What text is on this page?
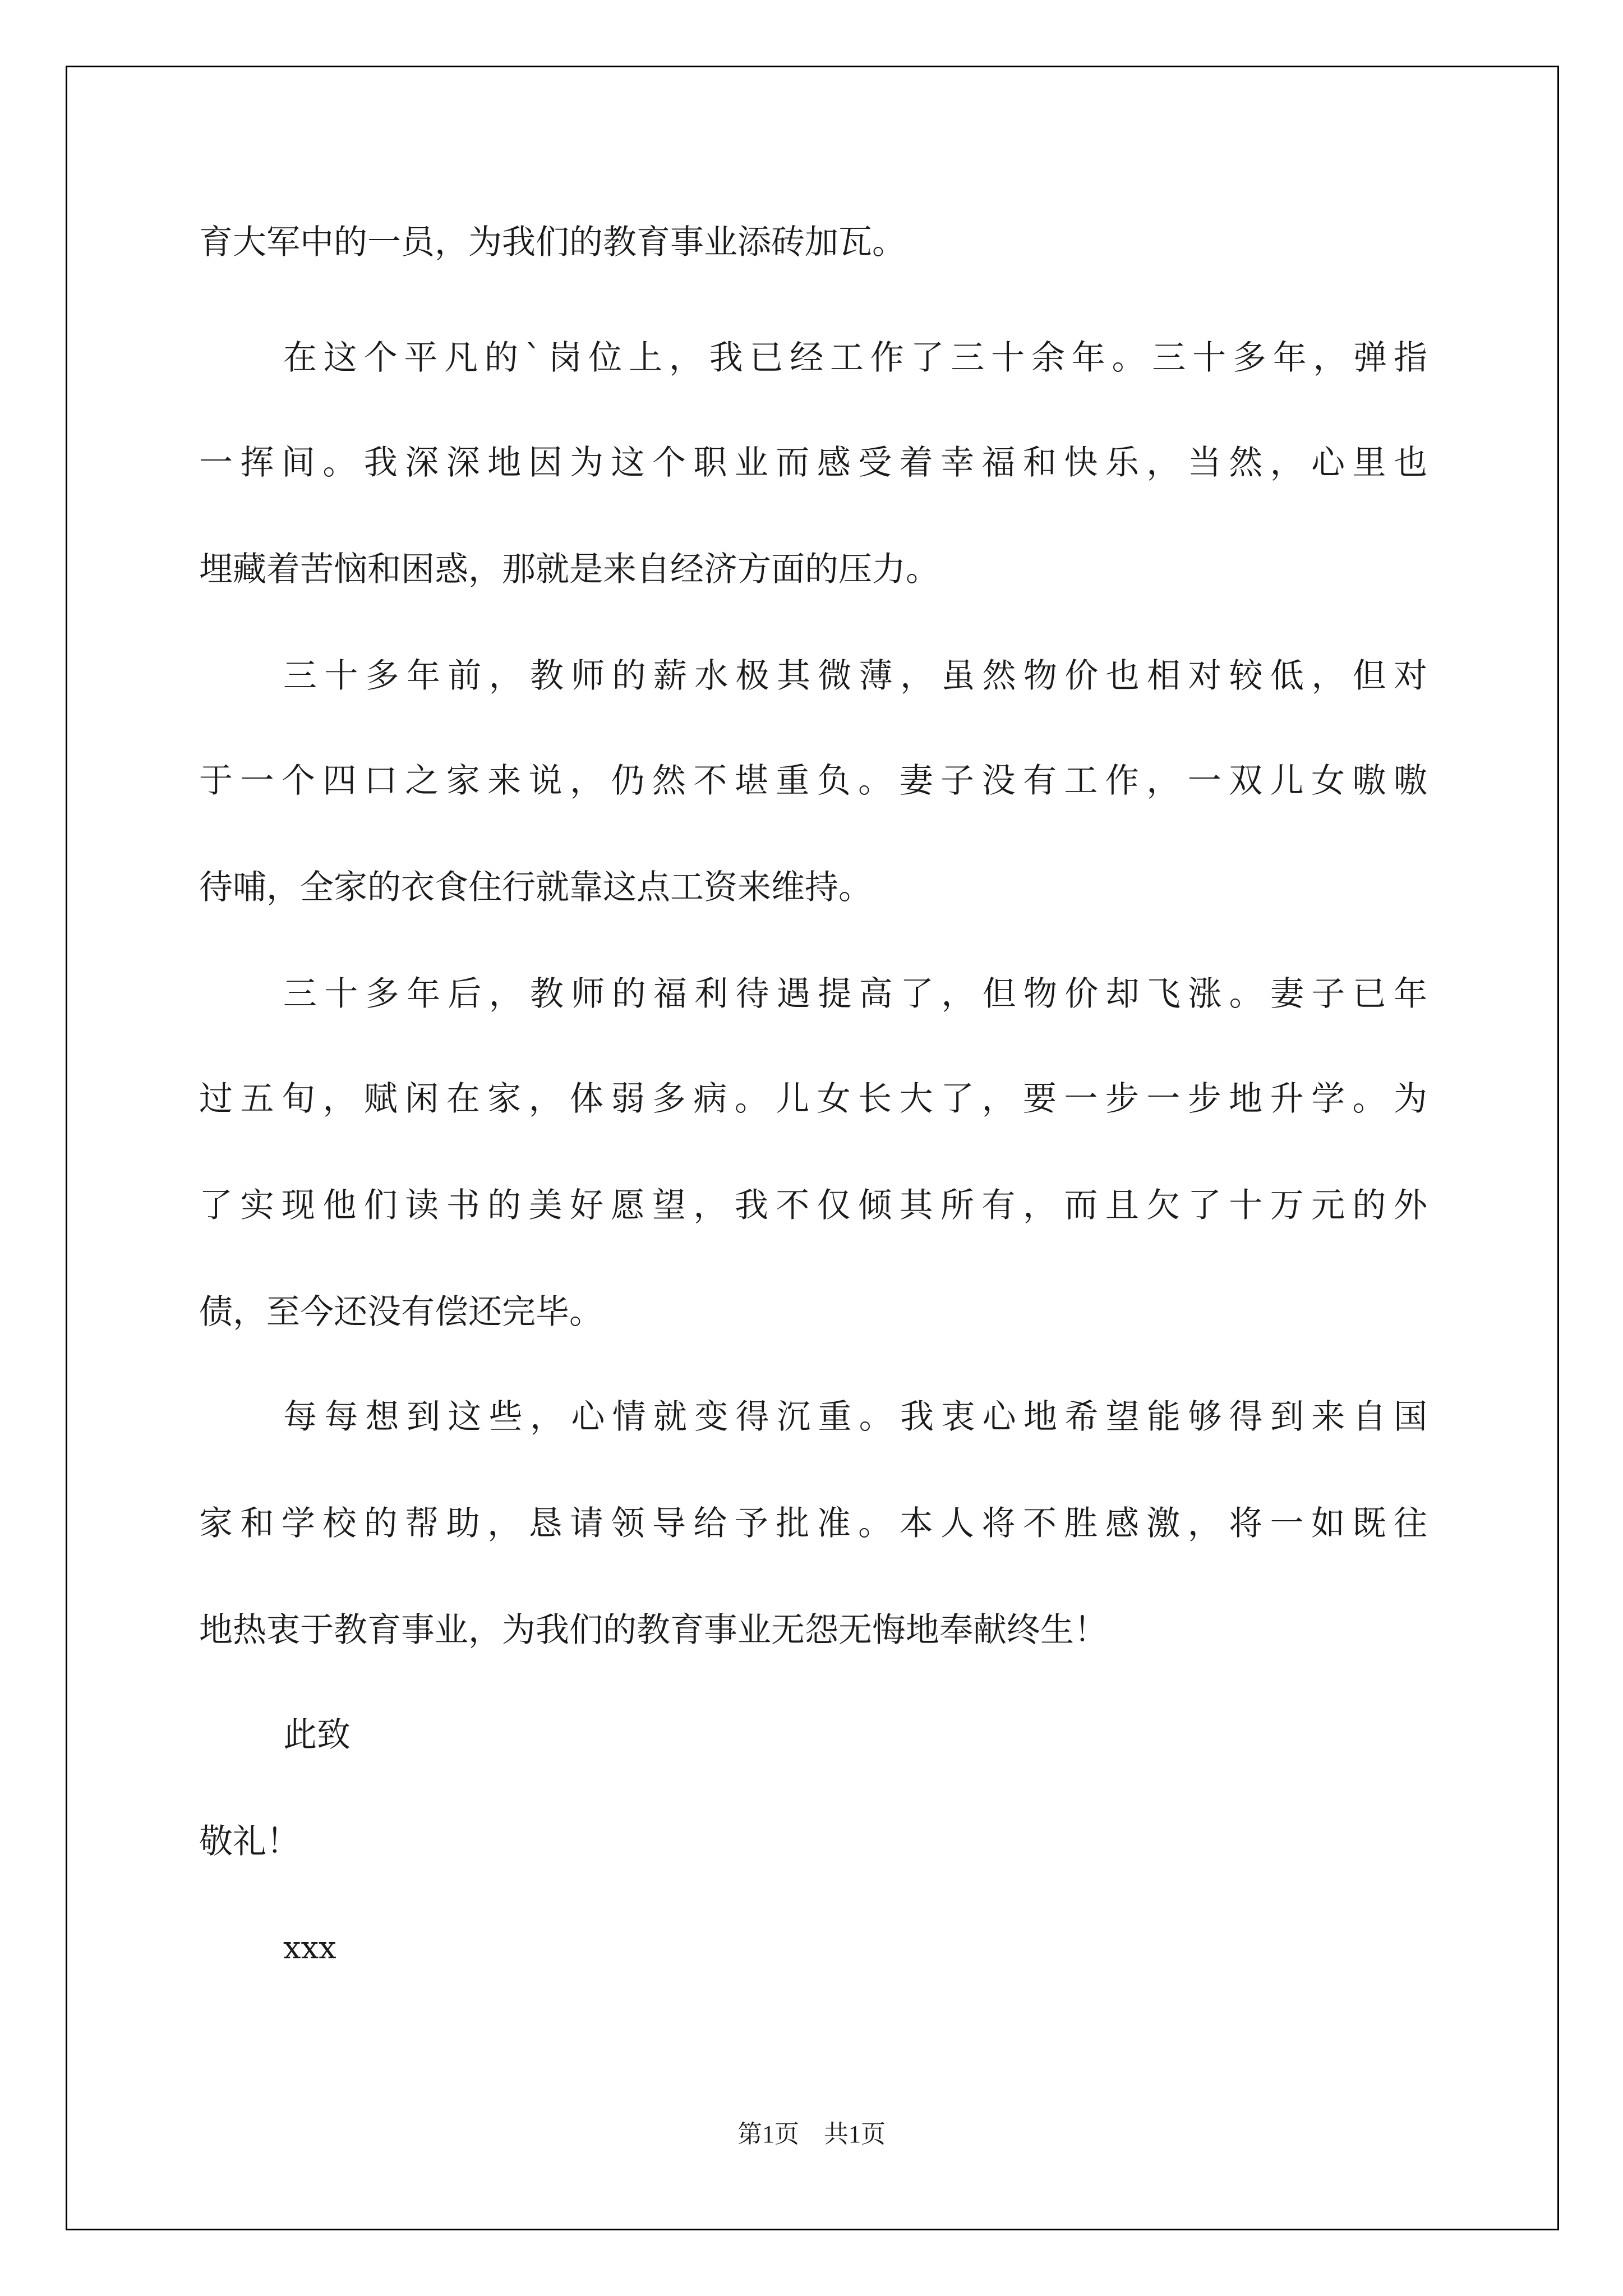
育大军中的一员，为我们的教育事业添砖加瓦。
在这个平凡的`岗位上，我已经工作了三十余年。三十多年，弹指
一挥间。我深深地因为这个职业而感受着幸福和快乐，当然，心里也
埋藏着苦恼和困惑，那就是来自经济方面的压力。
三十多年前，教师的薪水极其微薄，虽然物价也相对较低，但对
于一个四口之家来说，仍然不堪重负。妻子没有工作，一双儿女嗷嗷
待哺，全家的衣食住行就靠这点工资来维持。
三十多年后，教师的福利待遇提高了，但物价却飞涨。妻子已年
过五旬，赋闲在家，体弱多病。儿女长大了，要一步一步地升学。为
了实现他们读书的美好愿望，我不仅倾其所有，而且欠了十万元的外
债，至今还没有偿还完毕。
每每想到这些，心情就变得沉重。我衷心地希望能够得到来自国
家和学校的帮助，恳请领导给予批准。本人将不胜感激，将一如既往
地热衷于教育事业，为我们的教育事业无怨无悔地奉献终生！
此致
敬礼！
xxx
第1页　共1页
